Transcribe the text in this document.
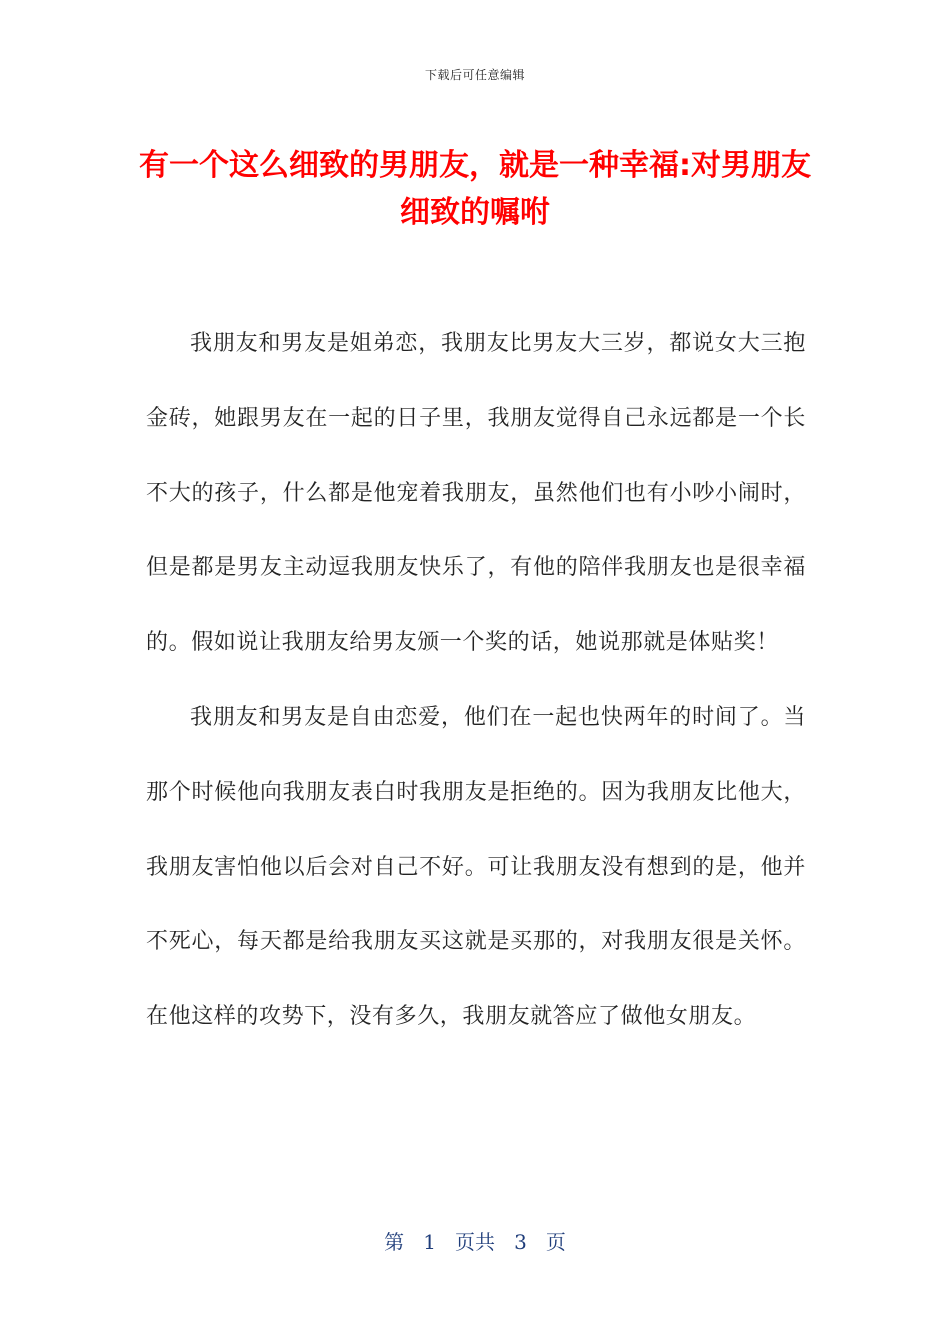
下载后可任意编辑
有一个这么细致的男朋友，就是一种幸福:对男朋友细致的嘱咐

我朋友和男友是姐弟恋，我朋友比男友大三岁，都说女大三抱金砖，她跟男友在一起的日子里，我朋友觉得自己永远都是一个长不大的孩子，什么都是他宠着我朋友，虽然他们也有小吵小闹时，但是都是男友主动逗我朋友快乐了，有他的陪伴我朋友也是很幸福的。假如说让我朋友给男友颁一个奖的话，她说那就是体贴奖！

我朋友和男友是自由恋爱，他们在一起也快两年的时间了。当那个时候他向我朋友表白时我朋友是拒绝的。因为我朋友比他大，我朋友害怕他以后会对自己不好。可让我朋友没有想到的是，他并不死心，每天都是给我朋友买这就是买那的，对我朋友很是关怀。在他这样的攻势下，没有多久，我朋友就答应了做他女朋友。

第 1 页共 3 页
